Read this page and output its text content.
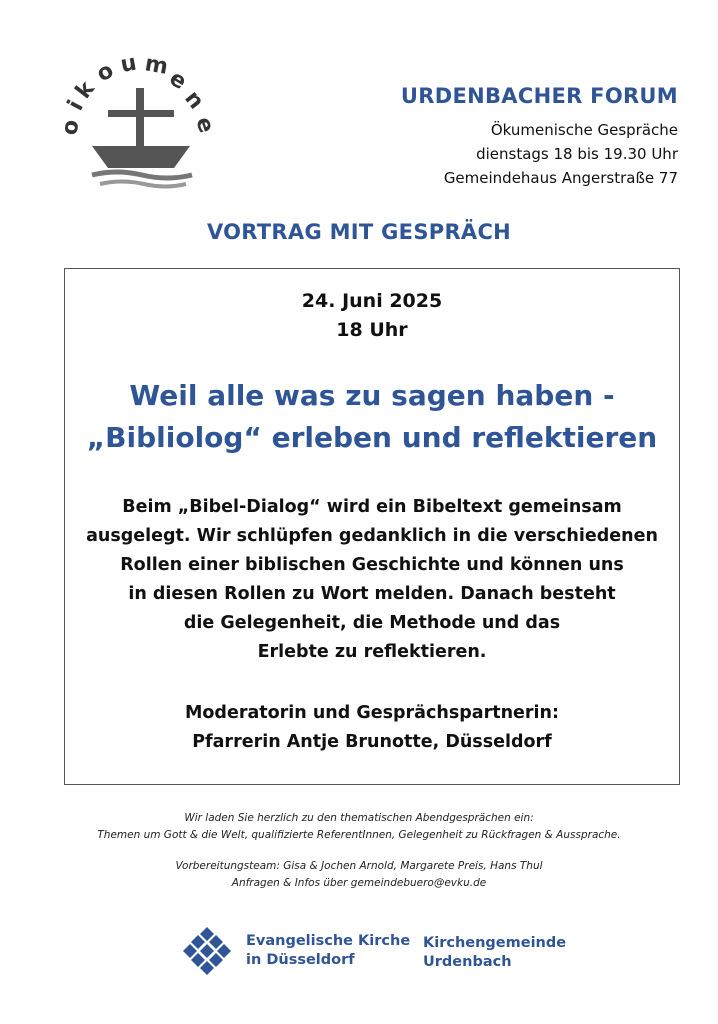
o
i
k
o u m
e
n
e
URDENBACHER FORUM
Ökumenische Gespräche
dienstags 18 bis 19.30 Uhr
Gemeindehaus Angerstraße 77
VORTRAG MIT GESPRÄCH
24. Juni 2025
18 Uhr
Weil alle was zu sagen haben -
„Bibliolog“ erleben und reflektieren
Beim „Bibel-Dialog“ wird ein Bibeltext gemeinsam
ausgelegt. Wir schlüpfen gedanklich in die verschiedenen
Rollen einer biblischen Geschichte und können uns
in diesen Rollen zu Wort melden. Danach besteht
die Gelegenheit, die Methode und das
Erlebte zu reflektieren.
Moderatorin und Gesprächspartnerin:
Pfarrerin Antje Brunotte, Düsseldorf
Wir laden Sie herzlich zu den thematischen Abendgesprächen ein:
Themen um Gott & die Welt, qualifizierte ReferentInnen, Gelegenheit zu Rückfragen & Aussprache.
Vorbereitungsteam: Gisa & Jochen Arnold, Margarete Preis, Hans Thul
Anfragen & Infos über gemeindebuero@evku.de
Evangelische Kirche
in Düsseldorf
Kirchengemeinde
Urdenbach
